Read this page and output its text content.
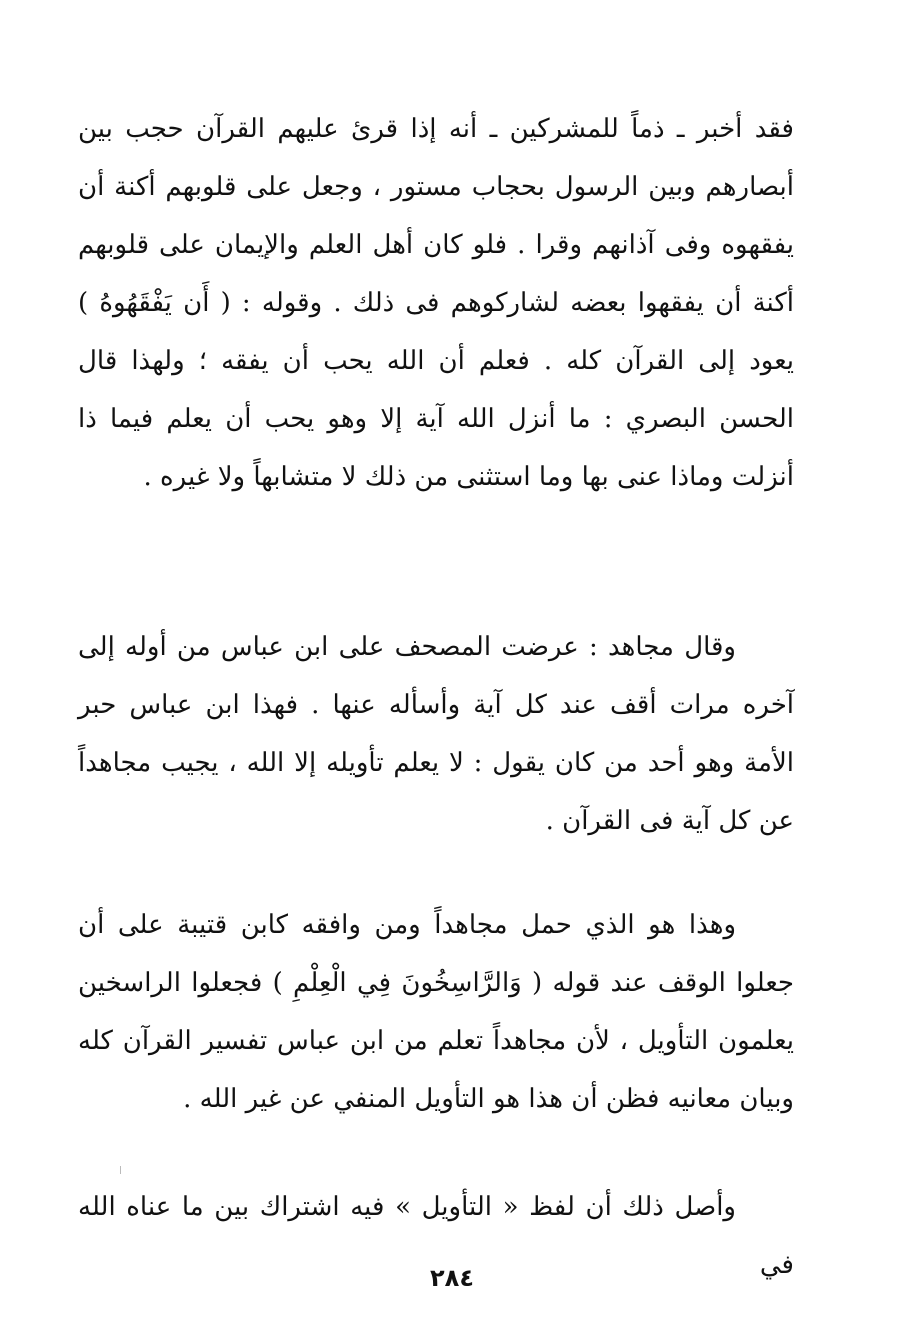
فقد أخبر ـ ذماً للمشركين ـ أنه إذا قرئ عليهم القرآن حجب بين أبصارهم وبين الرسول بحجاب مستور ، وجعل على قلوبهم أكنة أن يفقهوه وفى آذانهم وقرا . فلو كان أهل العلم والإيمان على قلوبهم أكنة أن يفقهوا بعضه لشاركوهم فى ذلك . وقوله : ( أَن يَفْقَهُوهُ ) يعود إلى القرآن كله . فعلم أن الله يحب أن يفقه ؛ ولهذا قال الحسن البصري : ما أنزل الله آية إلا وهو يحب أن يعلم فيما ذا أنزلت وماذا عنى بها وما استثنى من ذلك لا متشابهاً ولا غيره .

وقال مجاهد : عرضت المصحف على ابن عباس من أوله إلى آخره مرات أقف عند كل آية وأسأله عنها . فهذا ابن عباس حبر الأمة وهو أحد من كان يقول : لا يعلم تأويله إلا الله ، يجيب مجاهداً عن كل آية فى القرآن .

وهذا هو الذي حمل مجاهداً ومن وافقه كابن قتيبة على أن جعلوا الوقف عند قوله ( وَالرَّاسِخُونَ فِي الْعِلْمِ ) فجعلوا الراسخين يعلمون التأويل ، لأن مجاهداً تعلم من ابن عباس تفسير القرآن كله وبيان معانيه فظن أن هذا هو التأويل المنفي عن غير الله .

وأصل ذلك أن لفظ « التأويل » فيه اشتراك بين ما عناه الله في

٢٨٤
